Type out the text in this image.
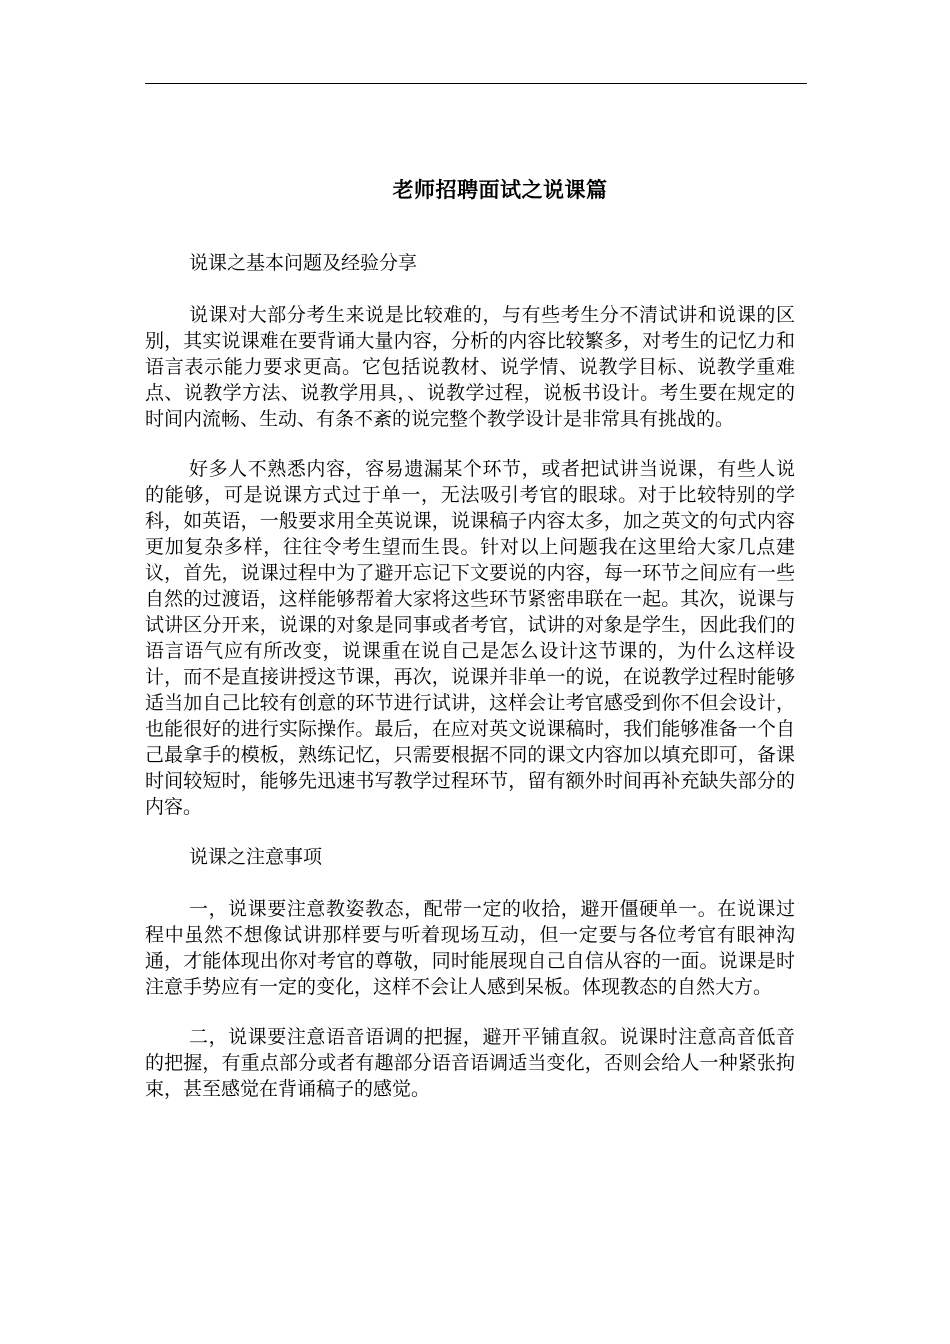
老师招聘面试之说课篇

说课之基本问题及经验分享

说课对大部分考生来说是比较难的，与有些考生分不清试讲和说课的区别，其实说课难在要背诵大量内容，分析的内容比较繁多，对考生的记忆力和语言表示能力要求更高。它包括说教材、说学情、说教学目标、说教学重难点、说教学方法、说教学用具，、说教学过程，说板书设计。考生要在规定的时间内流畅、生动、有条不紊的说完整个教学设计是非常具有挑战的。

好多人不熟悉内容，容易遗漏某个环节，或者把试讲当说课，有些人说的能够，可是说课方式过于单一，无法吸引考官的眼球。对于比较特别的学科，如英语，一般要求用全英说课，说课稿子内容太多，加之英文的句式内容更加复杂多样，往往令考生望而生畏。针对以上问题我在这里给大家几点建议，首先，说课过程中为了避开忘记下文要说的内容，每一环节之间应有一些自然的过渡语，这样能够帮着大家将这些环节紧密串联在一起。其次，说课与试讲区分开来，说课的对象是同事或者考官，试讲的对象是学生，因此我们的语言语气应有所改变，说课重在说自己是怎么设计这节课的，为什么这样设计，而不是直接讲授这节课，再次，说课并非单一的说，在说教学过程时能够适当加自己比较有创意的环节进行试讲，这样会让考官感受到你不但会设计，也能很好的进行实际操作。最后，在应对英文说课稿时，我们能够准备一个自己最拿手的模板，熟练记忆，只需要根据不同的课文内容加以填充即可，备课时间较短时，能够先迅速书写教学过程环节，留有额外时间再补充缺失部分的内容。

说课之注意事项

一，说课要注意教姿教态，配带一定的收拾，避开僵硬单一。在说课过程中虽然不想像试讲那样要与听着现场互动，但一定要与各位考官有眼神沟通，才能体现出你对考官的尊敬，同时能展现自己自信从容的一面。说课是时注意手势应有一定的变化，这样不会让人感到呆板。体现教态的自然大方。

二，说课要注意语音语调的把握，避开平铺直叙。说课时注意高音低音的把握，有重点部分或者有趣部分语音语调适当变化，否则会给人一种紧张拘束，甚至感觉在背诵稿子的感觉。
